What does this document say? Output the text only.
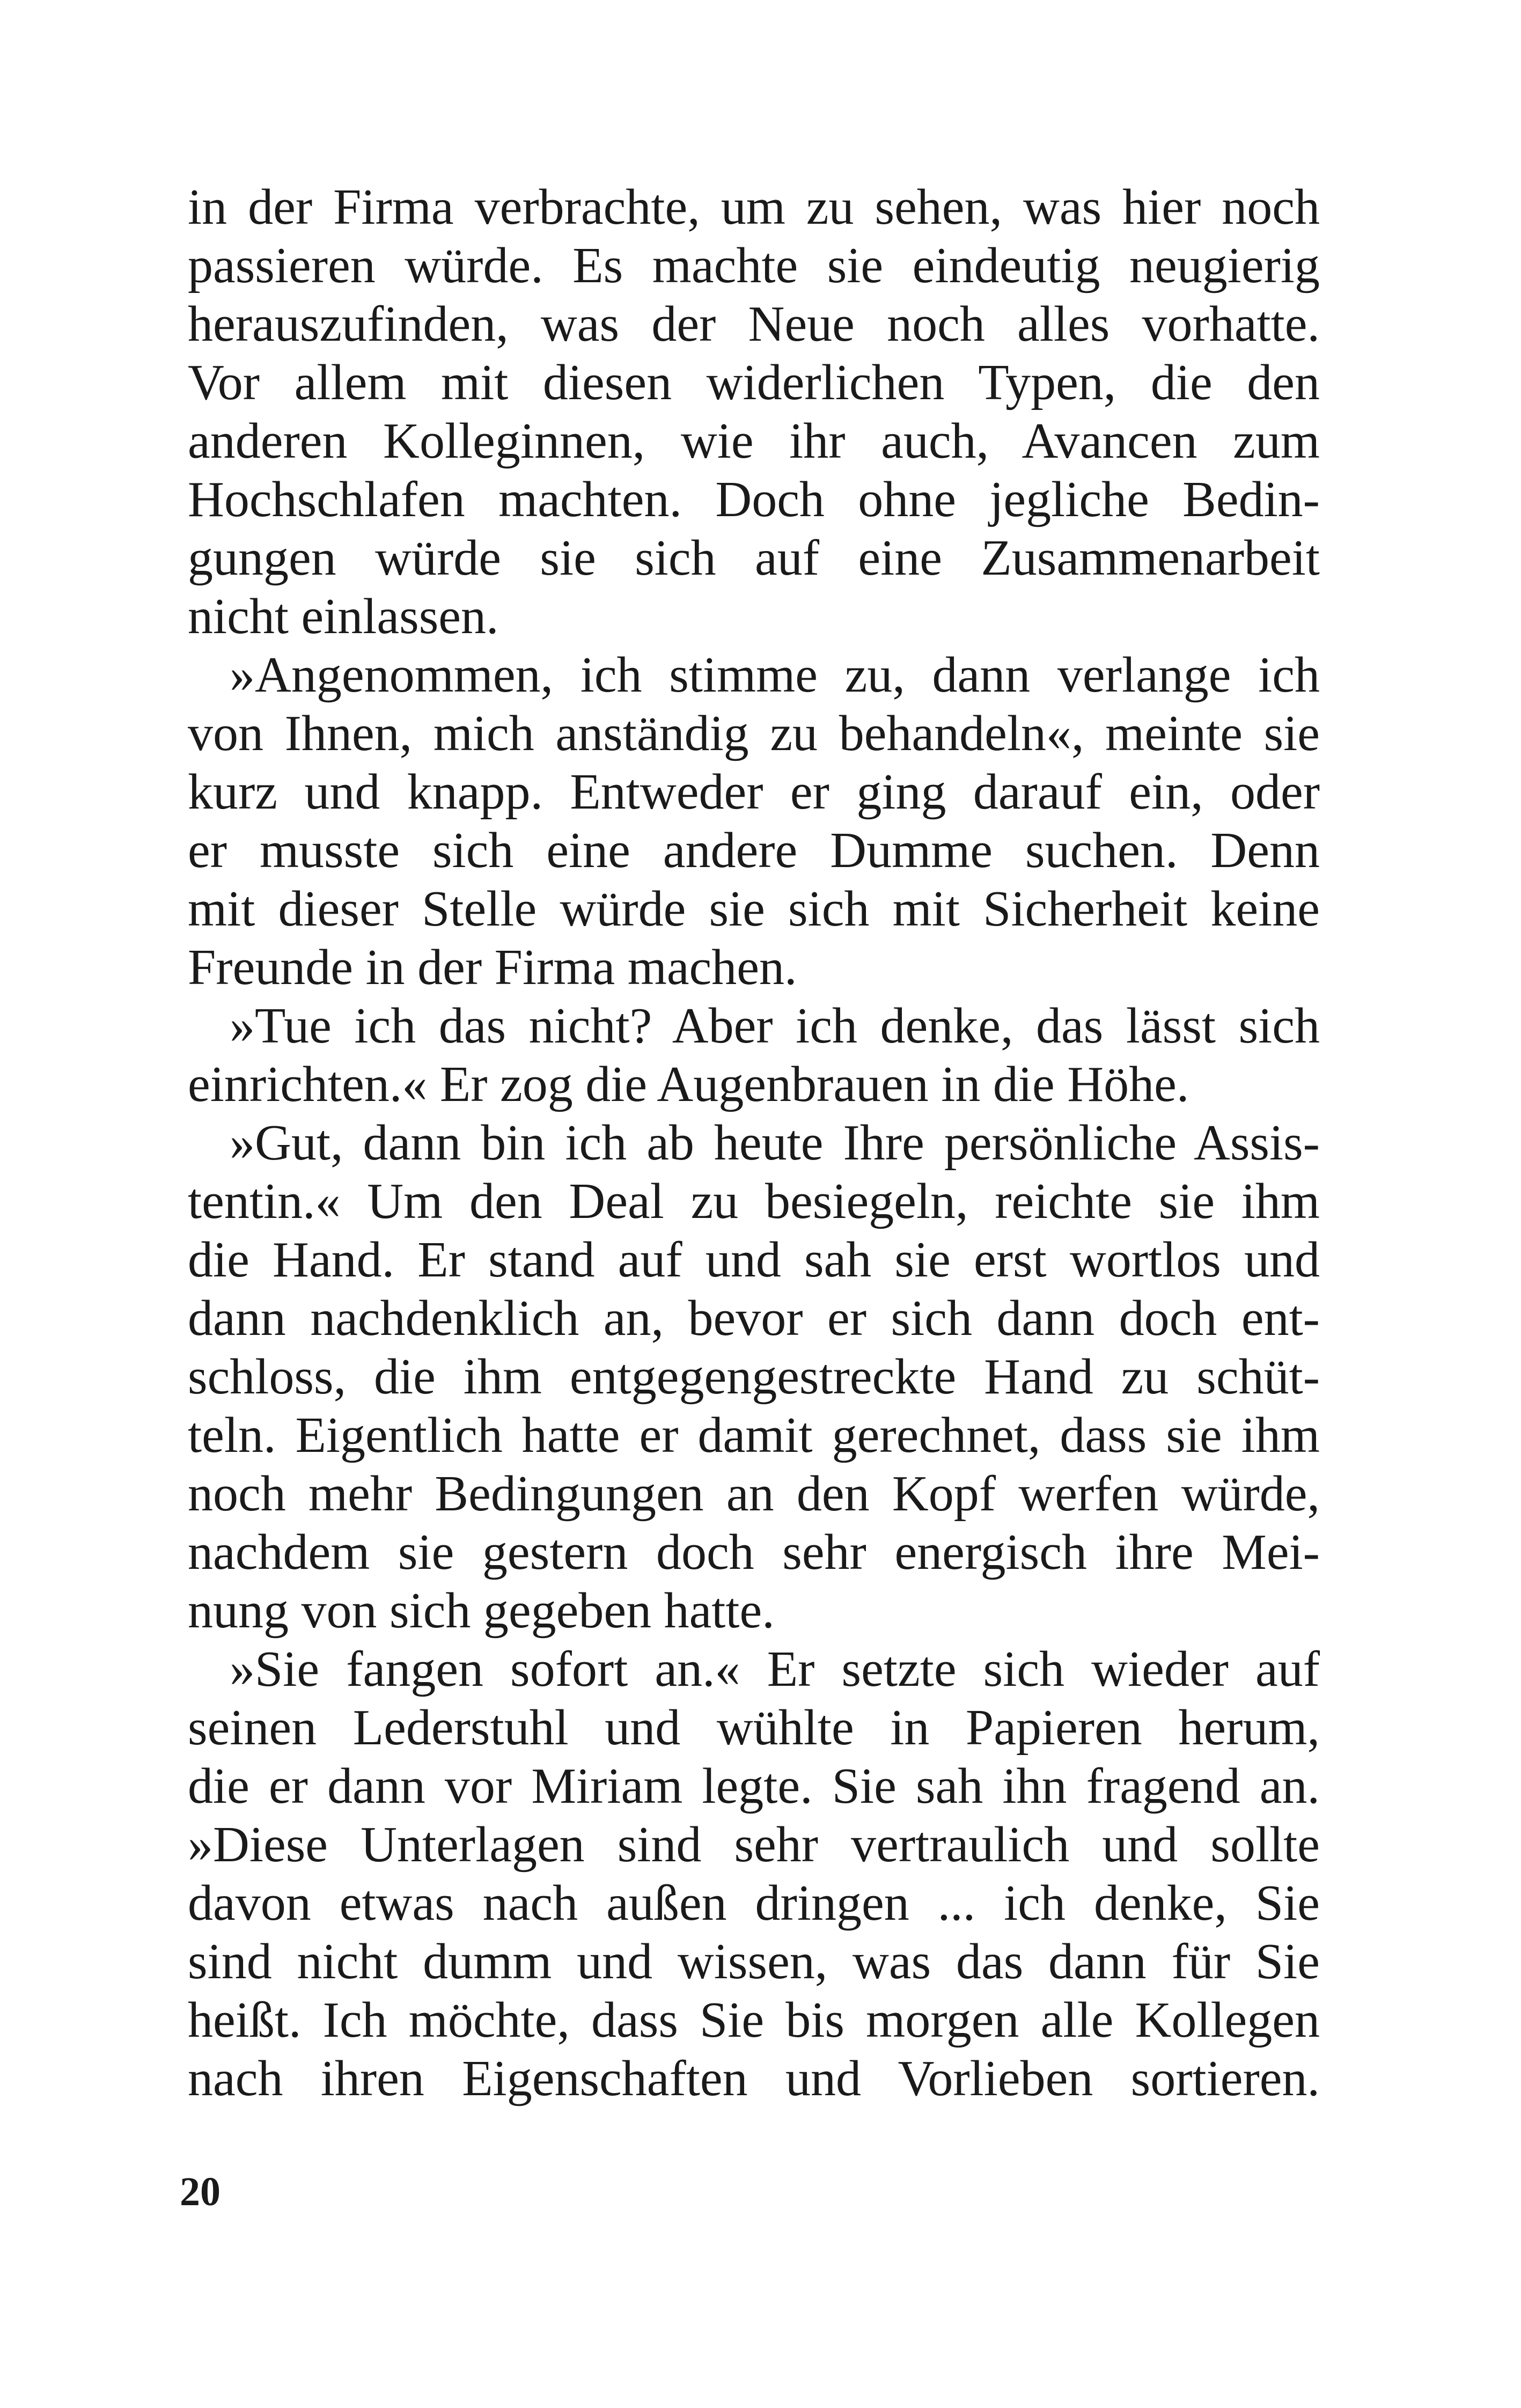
in der Firma verbrachte, um zu sehen, was hier noch
passieren würde. Es machte sie eindeutig neugierig
herauszufinden, was der Neue noch alles vorhatte.
Vor allem mit diesen widerlichen Typen, die den
anderen Kolleginnen, wie ihr auch, Avancen zum
Hochschlafen machten. Doch ohne jegliche Bedin-
gungen würde sie sich auf eine Zusammenarbeit
nicht einlassen.
»Angenommen, ich stimme zu, dann verlange ich
von Ihnen, mich anständig zu behandeln«, meinte sie
kurz und knapp. Entweder er ging darauf ein, oder
er musste sich eine andere Dumme suchen. Denn
mit dieser Stelle würde sie sich mit Sicherheit keine
Freunde in der Firma machen.
»Tue ich das nicht? Aber ich denke, das lässt sich
einrichten.« Er zog die Augenbrauen in die Höhe.
»Gut, dann bin ich ab heute Ihre persönliche Assis-
tentin.« Um den Deal zu besiegeln, reichte sie ihm
die Hand. Er stand auf und sah sie erst wortlos und
dann nachdenklich an, bevor er sich dann doch ent-
schloss, die ihm entgegengestreckte Hand zu schüt-
teln. Eigentlich hatte er damit gerechnet, dass sie ihm
noch mehr Bedingungen an den Kopf werfen würde,
nachdem sie gestern doch sehr energisch ihre Mei-
nung von sich gegeben hatte.
»Sie fangen sofort an.« Er setzte sich wieder auf
seinen Lederstuhl und wühlte in Papieren herum,
die er dann vor Miriam legte. Sie sah ihn fragend an.
»Diese Unterlagen sind sehr vertraulich und sollte
davon etwas nach außen dringen ... ich denke, Sie
sind nicht dumm und wissen, was das dann für Sie
heißt. Ich möchte, dass Sie bis morgen alle Kollegen
nach ihren Eigenschaften und Vorlieben sortieren.
20
